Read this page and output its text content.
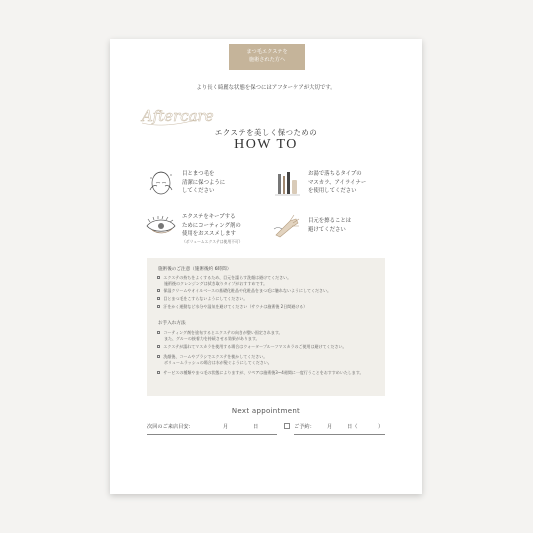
まつ毛エクステを
施術された方へ
より長く綺麗な状態を保つにはアフターケアが大切です。
Aftercare
エクステを美しく保つための
HOW TO
目とまつ毛を
清潔に保つように
してください
お湯で落ちるタイプの
マスカラ、アイライナー
を使用してください
エクステをキープする
ためにコーティング剤の
使用をおススメします
（ボリュームエクステは使用不可）
目元を擦ることは
避けてください
施術後のご注意（施術後約 6時間）
エクステの持ちをよくするため、目元を濡らす洗顔は避けてください。
施術後のクレンジングは拭き取りタイプがおすすめです。
保湿クリームやオイルベースの基礎化粧品や化粧品をまつ毛に触れないようにしてください。
目とまつ毛をこすらないようにしてください。
汗をかく運動など水分や湿気を避けてください（サウナは施術後 2日間避ける）
お手入れ方法
コーティング剤を塗布するとエクステの向きが整い固定されます。
また、グルーの接着力を持続させる効果があります。
エクステが濡れてマスカラを使用する場合はウォータープルーフマスカラのご使用は避けてください。
洗顔後、コームやブラシでエクステを梳かしてください。
ボリュームラッシュの場合は水が髪ぐようにしてください。
サービスの種類やまつ毛の状態によりますが、リペアは施術後3~4週間に一度行うことをおすすめいたします。
Next appointment
次回のご来店目安：	月	日	ご予約： 月	日（	）
